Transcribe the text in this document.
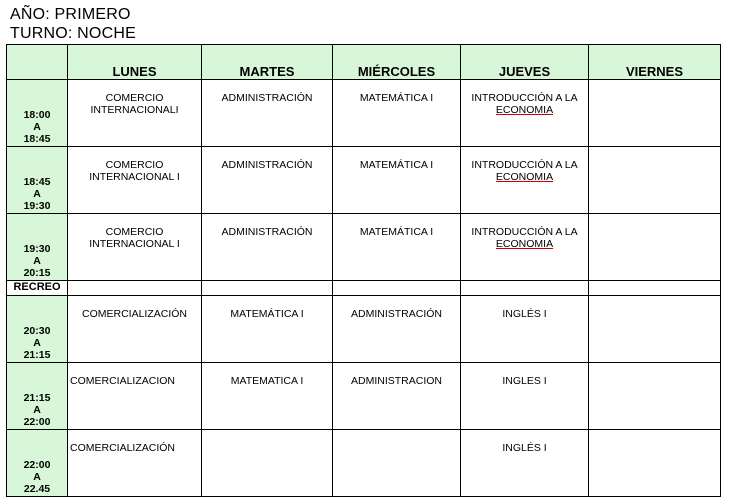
AÑO: PRIMERO
TURNO: NOCHE
	LUNES	MARTES	MIÉRCOLES	JUEVES	VIERNES

18:00
A
18:45	COMERCIO
INTERNACIONALI	ADMINISTRACIÓN	MATEMÁTICA I	INTRODUCCIÓN A LA
ECONOMIA	

18:45
A
19:30	COMERCIO
INTERNACIONAL I	ADMINISTRACIÓN	MATEMÁTICA I	INTRODUCCIÓN A LA
ECONOMIA	

19:30
A
20:15	COMERCIO
INTERNACIONAL I	ADMINISTRACIÓN	MATEMÁTICA I	INTRODUCCIÓN A LA
ECONOMIA	

RECREO					

20:30
A
21:15	COMERCIALIZACIÓN	MATEMÁTICA I	ADMINISTRACIÓN	INGLÉS I	

21:15
A
22:00	COMERCIALIZACION	MATEMATICA I	ADMINISTRACION	INGLES I	

22:00
A
22.45	COMERCIALIZACIÓN			INGLÉS I	
